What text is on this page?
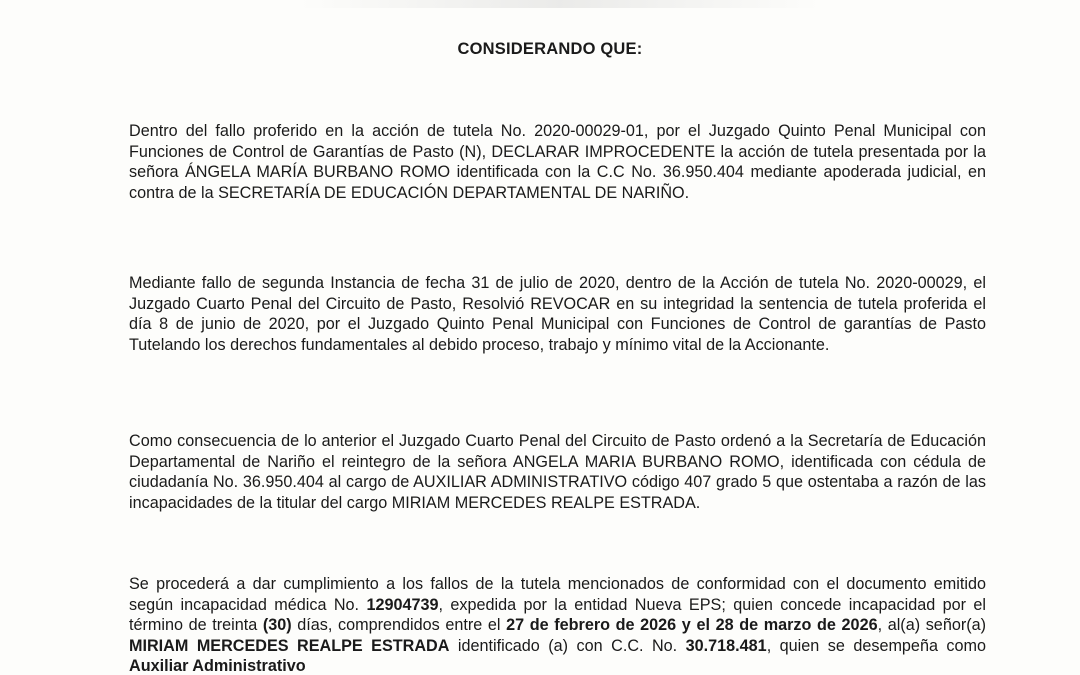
CONSIDERANDO QUE:
Dentro del fallo proferido en la acción de tutela No. 2020-00029-01, por el Juzgado Quinto Penal Municipal con Funciones de Control de Garantías de Pasto (N), DECLARAR IMPROCEDENTE la acción de tutela presentada por la señora ÁNGELA MARÍA BURBANO ROMO identificada con la C.C No. 36.950.404 mediante apoderada judicial, en contra de la SECRETARÍA DE EDUCACIÓN DEPARTAMENTAL DE NARIÑO.
Mediante fallo de segunda Instancia de fecha 31 de julio de 2020, dentro de la Acción de tutela No. 2020-00029, el Juzgado Cuarto Penal del Circuito de Pasto, Resolvió REVOCAR en su integridad la sentencia de tutela proferida el día 8 de junio de 2020, por el Juzgado Quinto Penal Municipal con Funciones de Control de garantías de Pasto Tutelando los derechos fundamentales al debido proceso, trabajo y mínimo vital de la Accionante.
Como consecuencia de lo anterior el Juzgado Cuarto Penal del Circuito de Pasto ordenó a la Secretaría de Educación Departamental de Nariño el reintegro de la señora ANGELA MARIA BURBANO ROMO, identificada con cédula de ciudadanía No. 36.950.404 al cargo de AUXILIAR ADMINISTRATIVO código 407 grado 5 que ostentaba a razón de las incapacidades de la titular del cargo MIRIAM MERCEDES REALPE ESTRADA.
Se procederá a dar cumplimiento a los fallos de la tutela mencionados de conformidad con el documento emitido según incapacidad médica No. 12904739, expedida por la entidad Nueva EPS; quien concede incapacidad por el término de treinta (30) días, comprendidos entre el 27 de febrero de 2026 y el 28 de marzo de 2026, al(a) señor(a) MIRIAM MERCEDES REALPE ESTRADA identificado (a) con C.C. No. 30.718.481, quien se desempeña como Auxiliar Administrativo
